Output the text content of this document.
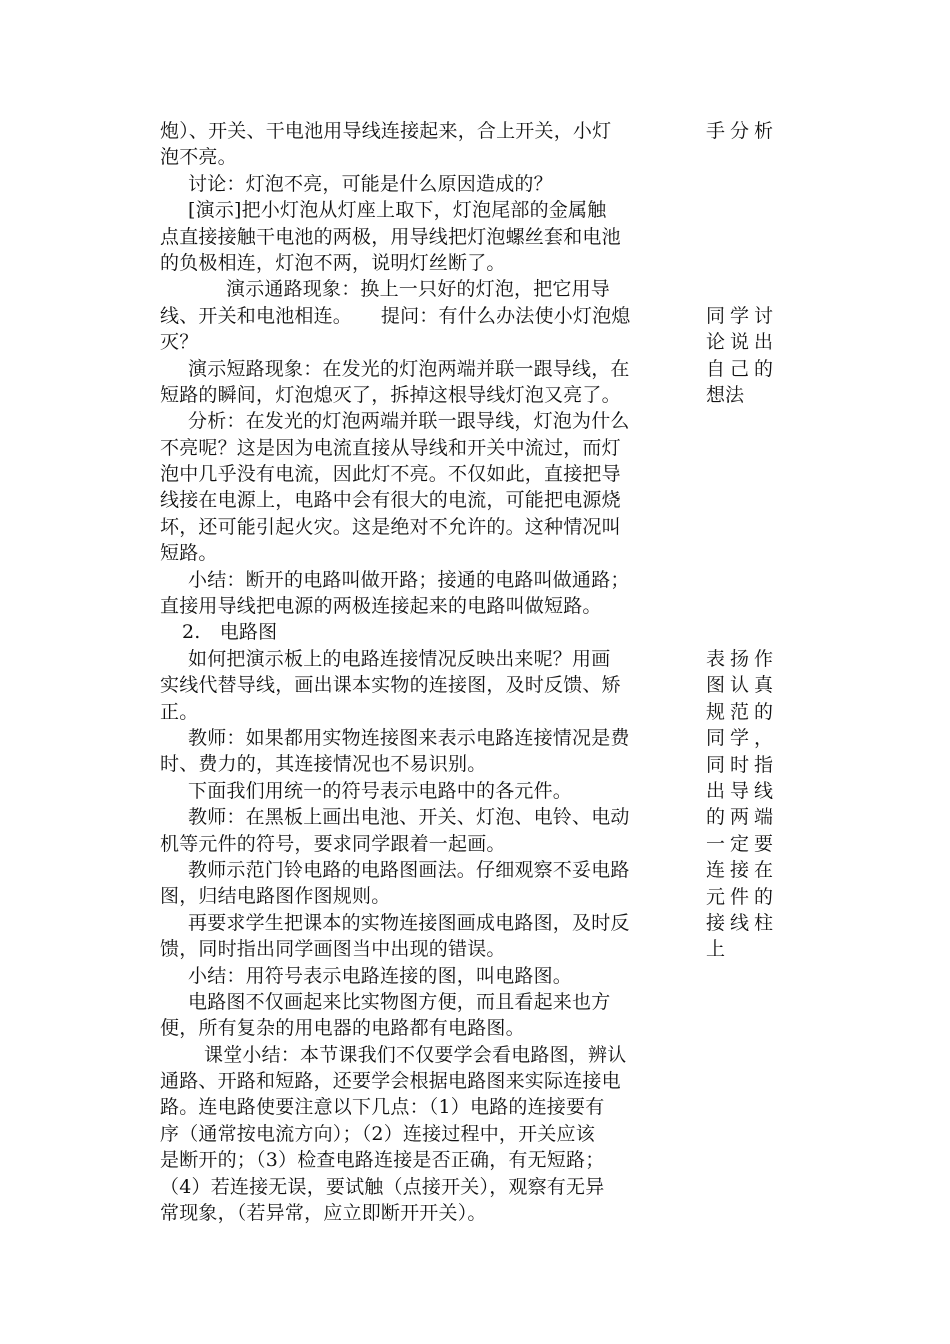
炮）、开关、干电池用导线连接起来，合上开关，小灯
泡不亮。
讨论：灯泡不亮，可能是什么原因造成的？
[演示]把小灯泡从灯座上取下，灯泡尾部的金属触
点直接接触干电池的两极，用导线把灯泡螺丝套和电池
的负极相连，灯泡不两，说明灯丝断了。
演示通路现象：换上一只好的灯泡，把它用导
线、开关和电池相连。　　提问：有什么办法使小灯泡熄
灭？
演示短路现象：在发光的灯泡两端并联一跟导线，在
短路的瞬间，灯泡熄灭了，拆掉这根导线灯泡又亮了。
分析：在发光的灯泡两端并联一跟导线，灯泡为什么
不亮呢？这是因为电流直接从导线和开关中流过，而灯
泡中几乎没有电流，因此灯不亮。不仅如此，直接把导
线接在电源上，电路中会有很大的电流，可能把电源烧
坏，还可能引起火灾。这是绝对不允许的。这种情况叫
短路。
小结：断开的电路叫做开路；接通的电路叫做通路；
直接用导线把电源的两极连接起来的电路叫做短路。
2.　电路图
如何把演示板上的电路连接情况反映出来呢？用画
实线代替导线，画出课本实物的连接图，及时反馈、矫
正。
教师：如果都用实物连接图来表示电路连接情况是费
时、费力的，其连接情况也不易识别。
下面我们用统一的符号表示电路中的各元件。
教师：在黑板上画出电池、开关、灯泡、电铃、电动
机等元件的符号，要求同学跟着一起画。
教师示范门铃电路的电路图画法。仔细观察不妥电路
图，归结电路图作图规则。
再要求学生把课本的实物连接图画成电路图，及时反
馈，同时指出同学画图当中出现的错误。
小结：用符号表示电路连接的图，叫电路图。
电路图不仅画起来比实物图方便，而且看起来也方
便，所有复杂的用电器的电路都有电路图。
课堂小结：本节课我们不仅要学会看电路图，辨认
通路、开路和短路，还要学会根据电路图来实际连接电
路。连电路使要注意以下几点：（1）电路的连接要有
序（通常按电流方向）；（2）连接过程中，开关应该
是断开的；（3）检查电路连接是否正确，有无短路；
（4）若连接无误，要试触（点接开关），观察有无异
常现象，（若异常，应立即断开开关）。
手分析
同学讨
论说出
自己的
想法
表扬作
图认真
规范的
同学，
同时指
出导线
的两端
一定要
连接在
元件的
接线柱
上
